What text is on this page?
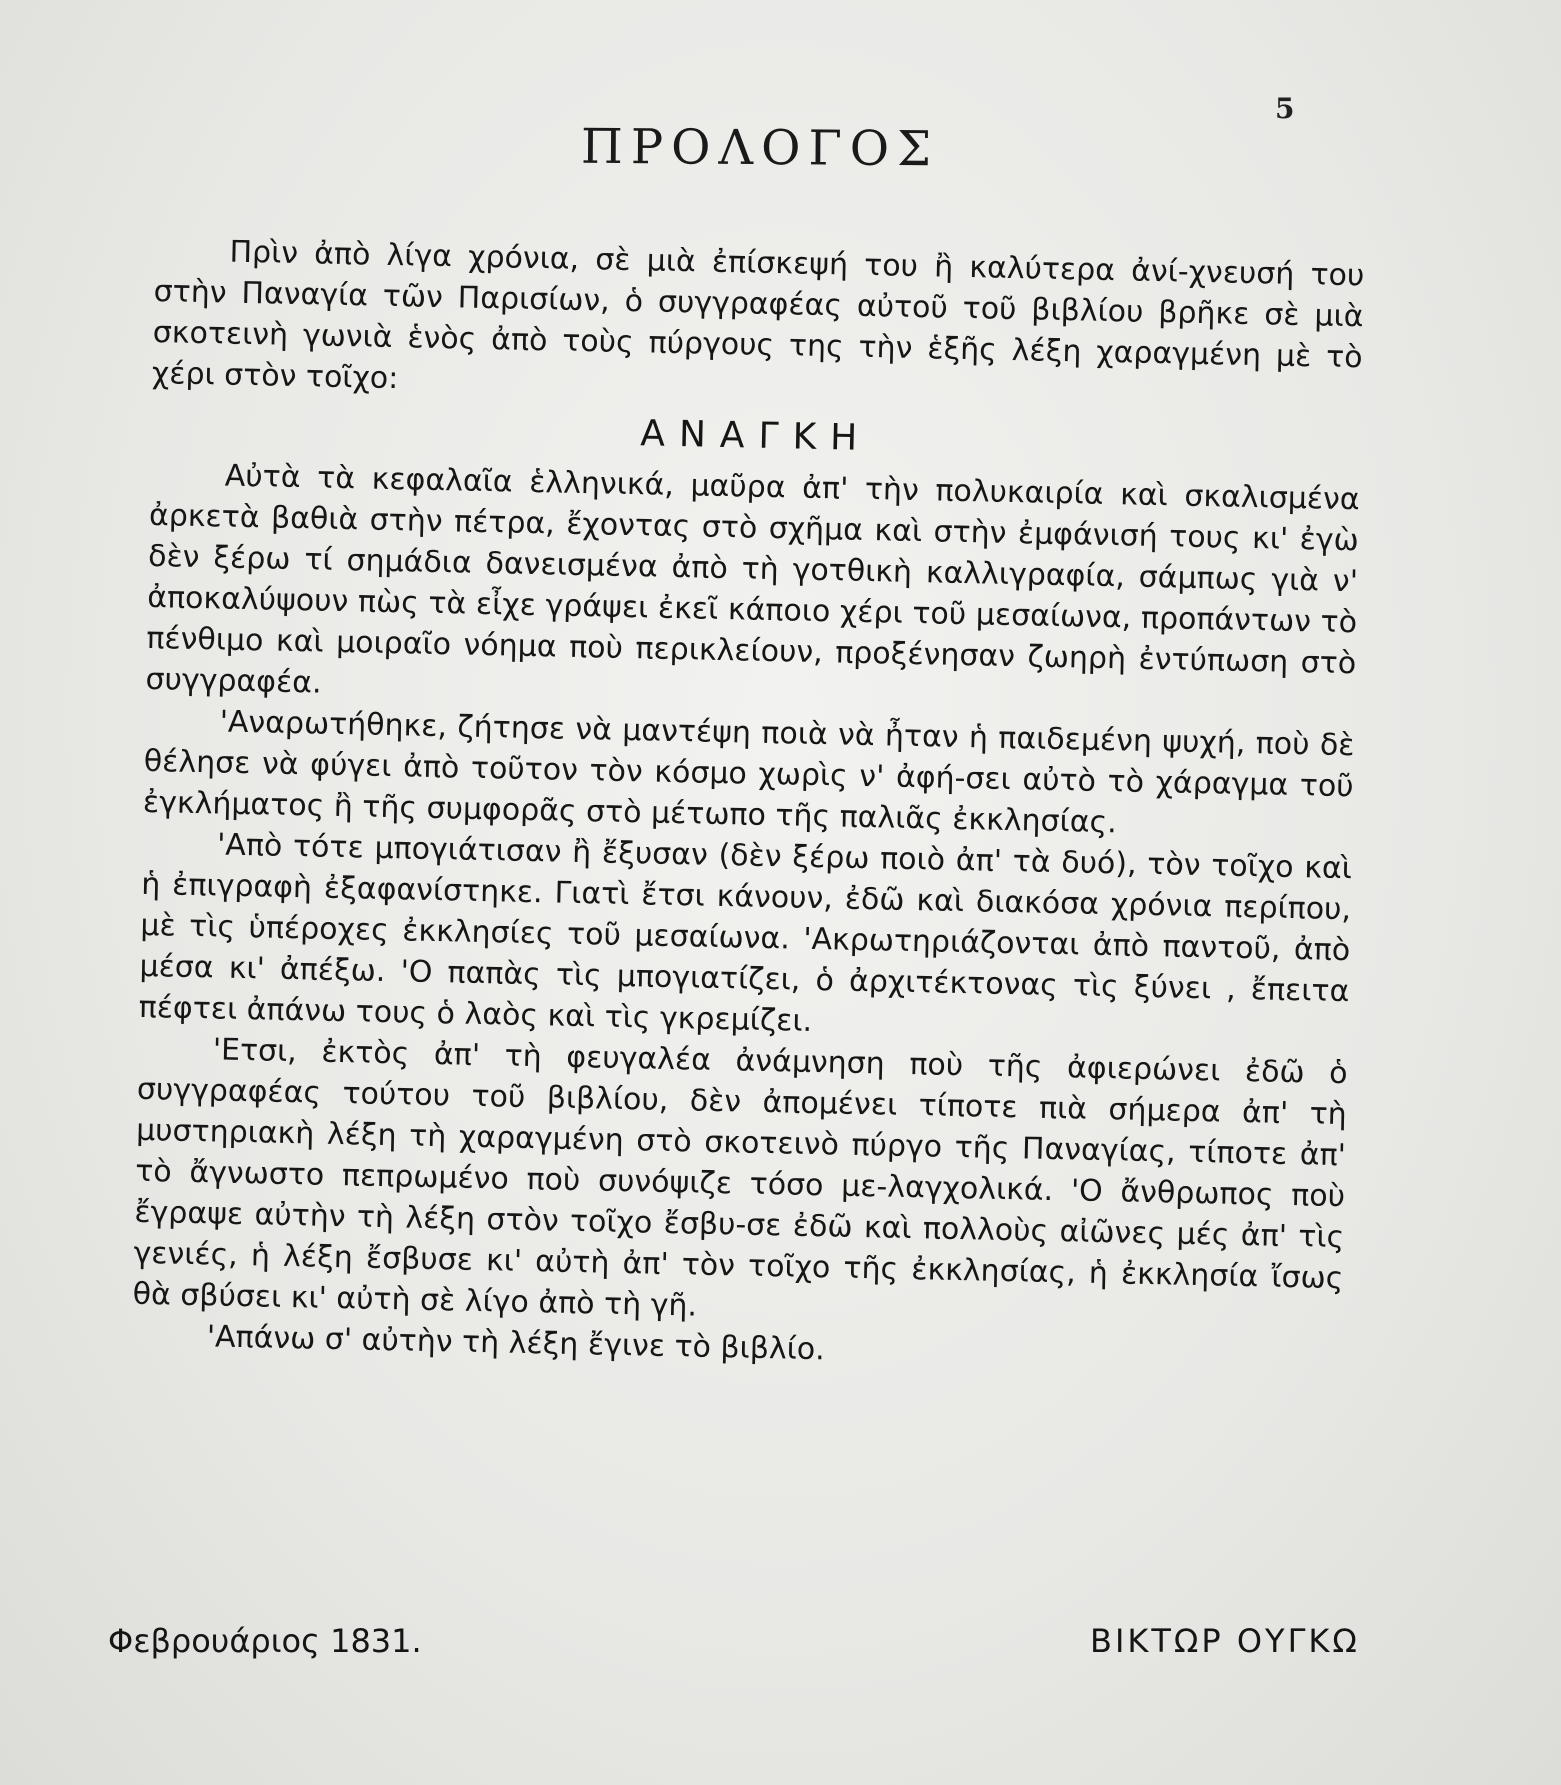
5
ΠΡΟΛΟΓΟΣ

Πρὶν ἀπὸ λίγα χρόνια, σὲ μιὰ ἐπίσκεψή του ἢ καλύτερα ἀνί-χνευσή του στὴν Παναγία τῶν Παρισίων, ὁ συγγραφέας αὐτοῦ τοῦ βιβλίου βρῆκε σὲ μιὰ σκοτεινὴ γωνιὰ ἑνὸς ἀπὸ τοὺς πύργους της τὴν ἑξῆς λέξη χαραγμένη μὲ τὸ χέρι στὸν τοῖχο:

ΑΝΑΓΚΗ

Αὐτὰ τὰ κεφαλαῖα ἑλληνικά, μαῦρα ἀπ' τὴν πολυκαιρία καὶ σκαλισμένα ἀρκετὰ βαθιὰ στὴν πέτρα, ἔχοντας στὸ σχῆμα καὶ στὴν ἐμφάνισή τους κι' ἐγὼ δὲν ξέρω τί σημάδια δανεισμένα ἀπὸ τὴ γοτθικὴ καλλιγραφία, σάμπως γιὰ ν' ἀποκαλύψουν πὼς τὰ εἶχε γράψει ἐκεῖ κάποιο χέρι τοῦ μεσαίωνα, προπάντων τὸ πένθιμο καὶ μοιραῖο νόημα ποὺ περικλείουν, προξένησαν ζωηρὴ ἐντύπωση στὸ συγγραφέα.

'Αναρωτήθηκε, ζήτησε νὰ μαντέψη ποιὰ νὰ ἦταν ἡ παιδεμένη ψυχή, ποὺ δὲ θέλησε νὰ φύγει ἀπὸ τοῦτον τὸν κόσμο χωρὶς ν' ἀφή-σει αὐτὸ τὸ χάραγμα τοῦ ἐγκλήματος ἢ τῆς συμφορᾶς στὸ μέτωπο τῆς παλιᾶς ἐκκλησίας.

'Απὸ τότε μπογιάτισαν ἢ ἔξυσαν (δὲν ξέρω ποιὸ ἀπ' τὰ δυό), τὸν τοῖχο καὶ ἡ ἐπιγραφὴ ἐξαφανίστηκε. Γιατὶ ἔτσι κάνουν, ἐδῶ καὶ διακόσα χρόνια περίπου, μὲ τὶς ὑπέροχες ἐκκλησίες τοῦ μεσαίωνα. 'Ακρωτηριάζονται ἀπὸ παντοῦ, ἀπὸ μέσα κι' ἀπέξω. 'Ο παπὰς τὶς μπογιατίζει, ὁ ἀρχιτέκτονας τὶς ξύνει , ἔπειτα πέφτει ἀπάνω τους ὁ λαὸς καὶ τὶς γκρεμίζει.

'Ετσι, ἐκτὸς ἀπ' τὴ φευγαλέα ἀνάμνηση ποὺ τῆς ἀφιερώνει ἐδῶ ὁ συγγραφέας τούτου τοῦ βιβλίου, δὲν ἀπομένει τίποτε πιὰ σήμερα ἀπ' τὴ μυστηριακὴ λέξη τὴ χαραγμένη στὸ σκοτεινὸ πύργο τῆς Παναγίας, τίποτε ἀπ' τὸ ἄγνωστο πεπρωμένο ποὺ συνόψιζε τόσο με-λαγχολικά. 'Ο ἄνθρωπος ποὺ ἔγραψε αὐτὴν τὴ λέξη στὸν τοῖχο ἔσβυ-σε ἐδῶ καὶ πολλοὺς αἰῶνες μές ἀπ' τὶς γενιές, ἡ λέξη ἔσβυσε κι' αὐτὴ ἀπ' τὸν τοῖχο τῆς ἐκκλησίας, ἡ ἐκκλησία ἴσως θὰ σβύσει κι' αὐτὴ σὲ λίγο ἀπὸ τὴ γῆ.

'Απάνω σ' αὐτὴν τὴ λέξη ἔγινε τὸ βιβλίο.

Φεβρουάριος 1831.	ΒΙΚΤΩΡ ΟΥΓΚΩ
